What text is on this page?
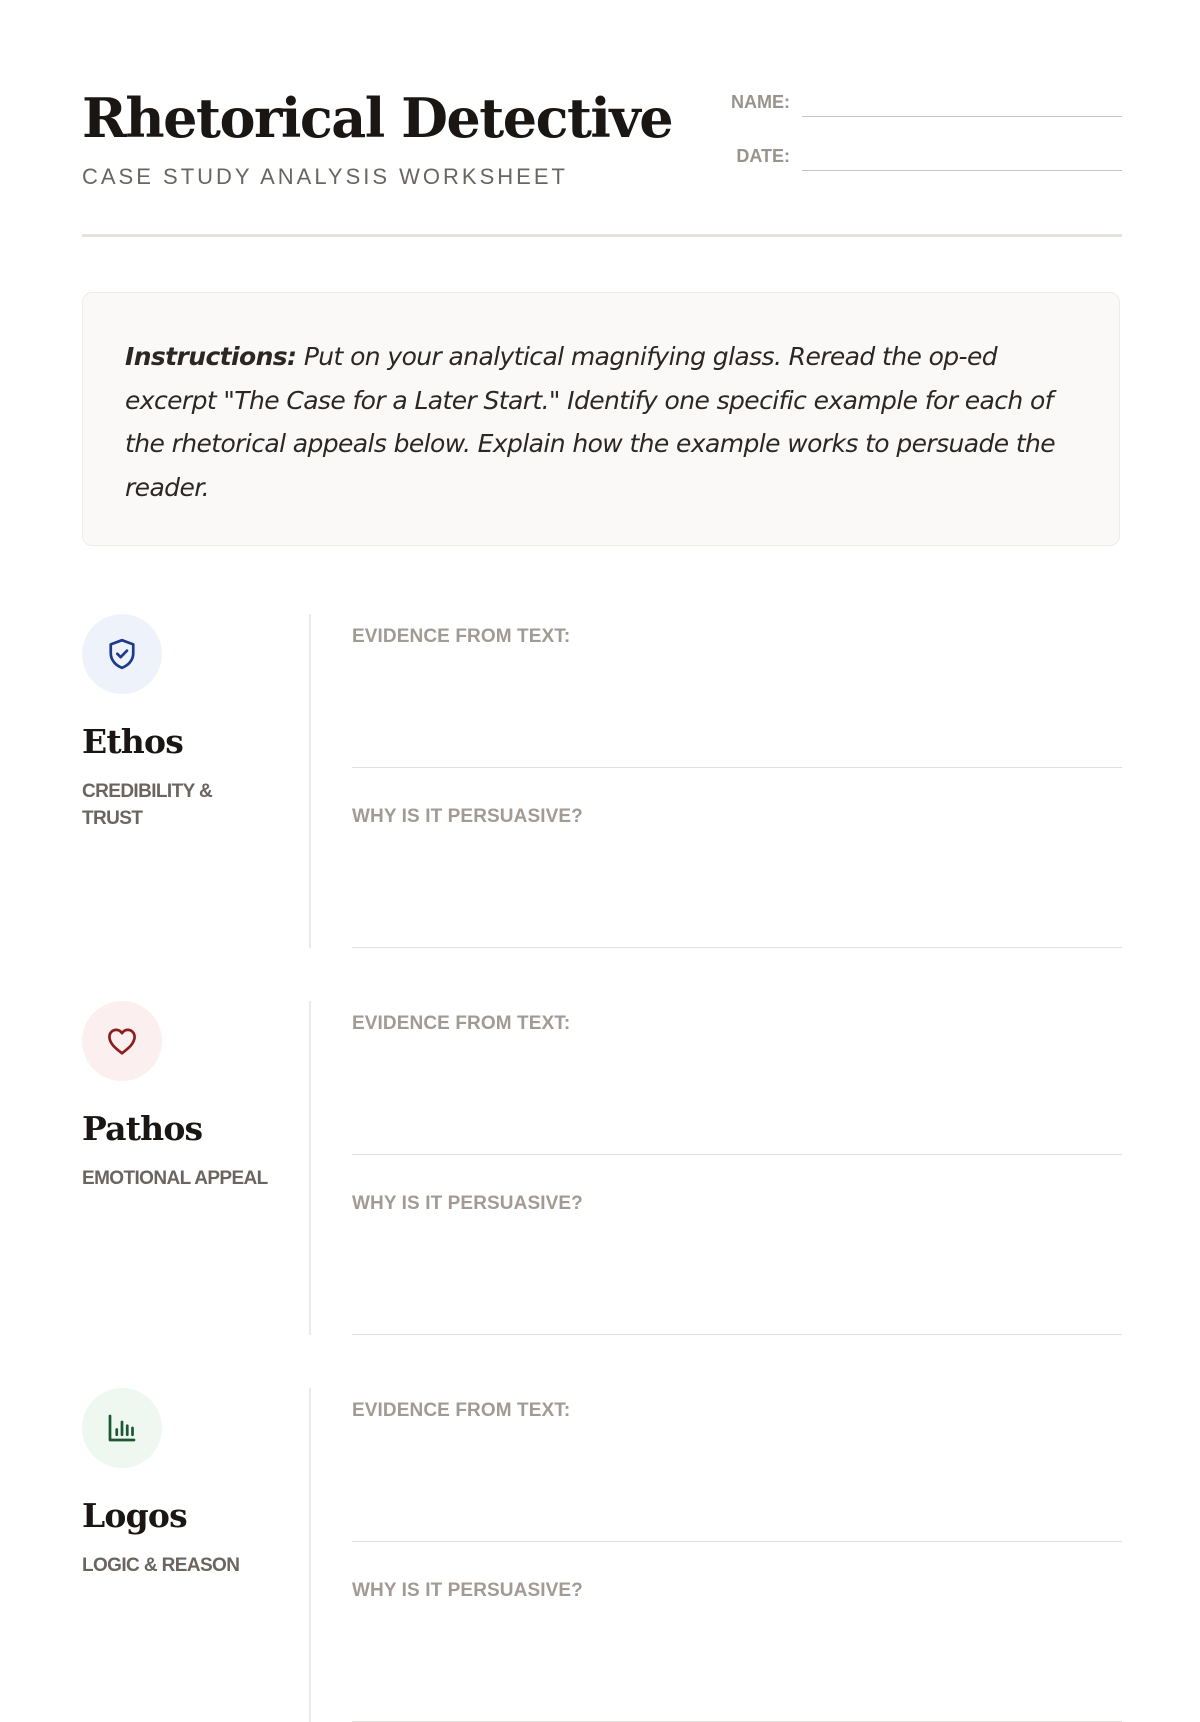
Rhetorical Detective
CASE STUDY ANALYSIS WORKSHEET
NAME:
DATE:

Instructions: Put on your analytical magnifying glass. Reread the op-ed excerpt "The Case for a Later Start." Identify one specific example for each of the rhetorical appeals below. Explain how the example works to persuade the reader.

Ethos
CREDIBILITY & TRUST
EVIDENCE FROM TEXT:
WHY IS IT PERSUASIVE?
Pathos
EMOTIONAL APPEAL
EVIDENCE FROM TEXT:
WHY IS IT PERSUASIVE?
Logos
LOGIC & REASON
EVIDENCE FROM TEXT:
WHY IS IT PERSUASIVE?
